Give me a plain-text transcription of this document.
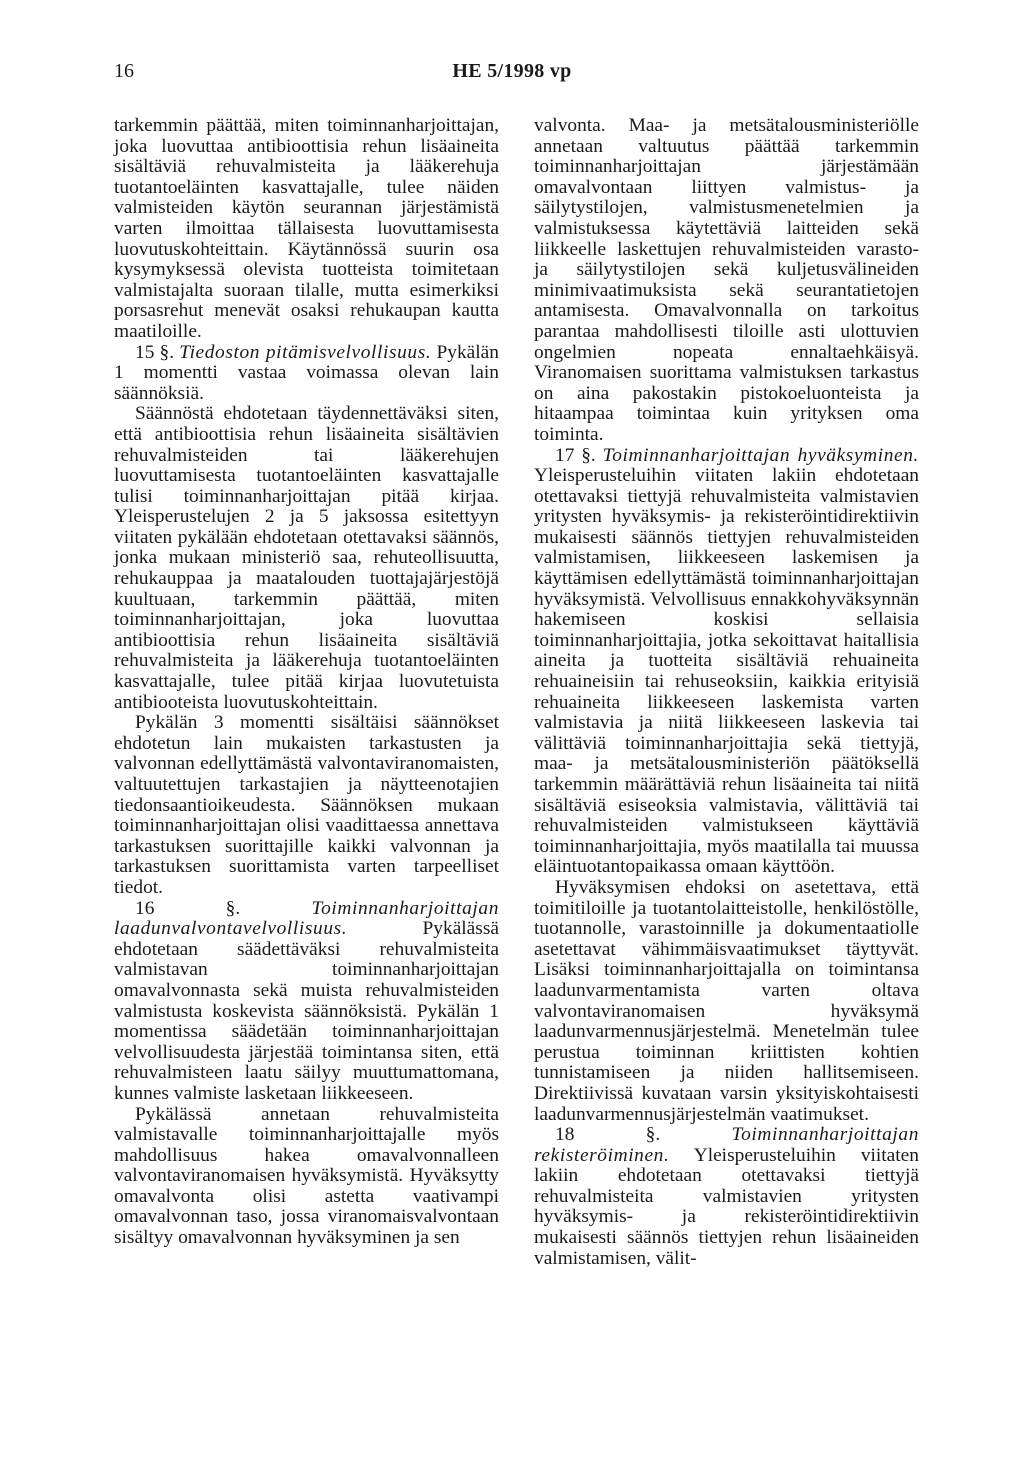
16	HE 5/1998 vp

tarkemmin päättää, miten toiminnanharjoittajan, joka luovuttaa antibioottisia rehun lisäaineita sisältäviä rehuvalmisteita ja lääkerehuja tuotantoeläinten kasvattajalle, tulee näiden valmisteiden käytön seurannan järjestämistä varten ilmoittaa tällaisesta luovuttamisesta luovutuskohteittain. Käytännössä suurin osa kysymyksessä olevista tuotteista toimitetaan valmistajalta suoraan tilalle, mutta esimerkiksi porsasrehut menevät osaksi rehukaupan kautta maatiloille.

15 §. Tiedoston pitämisvelvollisuus. Pykälän 1 momentti vastaa voimassa olevan lain säännöksiä.

Säännöstä ehdotetaan täydennettäväksi siten, että antibioottisia rehun lisäaineita sisältävien rehuvalmisteiden tai lääkerehujen luovuttamisesta tuotantoeläinten kasvattajalle tulisi toiminnanharjoittajan pitää kirjaa. Yleisperustelujen 2 ja 5 jaksossa esitettyyn viitaten pykälään ehdotetaan otettavaksi säännös, jonka mukaan ministeriö saa, rehuteollisuutta, rehukauppaa ja maatalouden tuottajajärjestöjä kuultuaan, tarkemmin päättää, miten toiminnanharjoittajan, joka luovuttaa antibioottisia rehun lisäaineita sisältäviä rehuvalmisteita ja lääkerehuja tuotantoeläinten kasvattajalle, tulee pitää kirjaa luovutetuista antibiooteista luovutuskohteittain.

Pykälän 3 momentti sisältäisi säännökset ehdotetun lain mukaisten tarkastusten ja valvonnan edellyttämästä valvontaviranomaisten, valtuutettujen tarkastajien ja näytteenotajien tiedonsaantioikeudesta. Säännöksen mukaan toiminnanharjoittajan olisi vaadittaessa annettava tarkastuksen suorittajille kaikki valvonnan ja tarkastuksen suorittamista varten tarpeelliset tiedot.

16 §.	Toiminnanharjoittajan laadunvalvontavelvollisuus.	Pykälässä ehdotetaan säädettäväksi rehuvalmisteita valmistavan toiminnanharjoittajan omavalvonnasta sekä muista rehuvalmisteiden valmistusta koskevista säännöksistä. Pykälän 1 momentissa säädetään toiminnanharjoittajan velvollisuudesta järjestää toimintansa siten, että rehuvalmisteen laatu säilyy muuttumattomana, kunnes valmiste lasketaan liikkeeseen.

Pykälässä annetaan rehuvalmisteita valmistavalle toiminnanharjoittajalle myös mahdollisuus hakea omavalvonnalleen valvontaviranomaisen hyväksymistä. Hyväksytty omavalvonta olisi astetta vaativampi omavalvonnan taso, jossa viranomaisvalvontaan sisältyy omavalvonnan hyväksyminen ja sen

valvonta. Maa- ja metsätalousministeriölle annetaan valtuutus päättää tarkemmin toiminnanharjoittajan järjestämään omavalvontaan liittyen valmistus- ja säilytystilojen, valmistusmenetelmien ja valmistuksessa käytettäviä laitteiden sekä liikkeelle laskettujen rehuvalmisteiden varasto- ja säilytystilojen sekä kuljetusvälineiden minimivaatimuksista sekä seurantatietojen antamisesta. Omavalvonnalla on tarkoitus parantaa mahdollisesti tiloille asti ulottuvien ongelmien nopeata ennaltaehkäisyä. Viranomaisen suorittama valmistuksen tarkastus on aina pakostakin pistokoeluonteista ja hitaampaa toimintaa kuin yrityksen oma toiminta.

17 §. Toiminnanharjoittajan hyväksyminen. Yleisperusteluihin viitaten lakiin ehdotetaan otettavaksi tiettyjä rehuvalmisteita valmistavien yritysten hyväksymis- ja rekisteröintidirektiivin mukaisesti säännös tiettyjen rehuvalmisteiden valmistamisen, liikkeeseen laskemisen ja käyttämisen edellyttämästä toiminnanharjoittajan hyväksymistä. Velvollisuus ennakkohyväksynnän hakemiseen koskisi sellaisia toiminnanharjoittajia, jotka sekoittavat haitallisia aineita ja tuotteita sisältäviä rehuaineita rehuaineisiin tai rehuseoksiin, kaikkia erityisiä rehuaineita liikkeeseen laskemista varten valmistavia ja niitä liikkeeseen laskevia tai välittäviä toiminnanharjoittajia sekä tiettyjä, maa- ja metsätalousministeriön päätöksellä tarkemmin määrättäviä rehun lisäaineita tai niitä sisältäviä esiseoksia valmistavia, välittäviä tai rehuvalmisteiden valmistukseen käyttäviä toiminnanharjoittajia, myös maatilalla tai muussa eläintuotantopaikassa omaan käyttöön.

Hyväksymisen ehdoksi on asetettava, että toimitiloille ja tuotantolaitteistolle, henkilöstölle, tuotannolle, varastoinnille ja dokumentaatiolle asetettavat vähimmäisvaatimukset täyttyvät. Lisäksi toiminnanharjoittajalla on toimintansa laadunvarmentamista varten oltava valvontaviranomaisen hyväksymä laadunvarmennusjärjestelmä. Menetelmän tulee perustua toiminnan kriittisten kohtien tunnistamiseen ja niiden hallitsemiseen. Direktiivissä kuvataan varsin yksityiskohtaisesti laadunvarmennusjärjestelmän vaatimukset.

18 §.	Toiminnanharjoittajan rekisteröiminen. Yleisperusteluihin viitaten lakiin ehdotetaan otettavaksi tiettyjä rehuvalmisteita valmistavien yritysten hyväksymis- ja rekisteröintidirektiivin mukaisesti säännös tiettyjen rehun lisäaineiden valmistamisen, välit-
